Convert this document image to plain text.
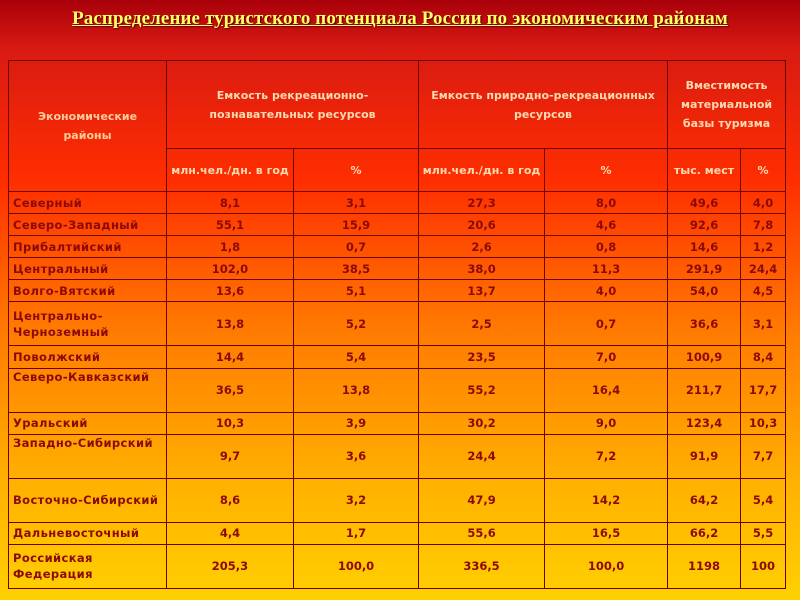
Распределение туристского потенциала России по экономическим районам
Экономические районы	Емкость рекреационно-познавательных ресурсов		Емкость природно-рекреационных ресурсов		Вместимость материальной базы туризма	
	млн.чел./дн. в год	%	млн.чел./дн. в год	%	тыс. мест	%
Северный	8,1	3,1	27,3	8,0	49,6	4,0
Северо-Западный	55,1	15,9	20,6	4,6	92,6	7,8
Прибалтийский	1,8	0,7	2,6	0,8	14,6	1,2
Центральный	102,0	38,5	38,0	11,3	291,9	24,4
Волго-Вятский	13,6	5,1	13,7	4,0	54,0	4,5
Центрально-Черноземный	13,8	5,2	2,5	0,7	36,6	3,1
Поволжский	14,4	5,4	23,5	7,0	100,9	8,4
Северо-Кавказский	36,5	13,8	55,2	16,4	211,7	17,7
Уральский	10,3	3,9	30,2	9,0	123,4	10,3
Западно-Сибирский	9,7	3,6	24,4	7,2	91,9	7,7
Восточно-Сибирский	8,6	3,2	47,9	14,2	64,2	5,4
Дальневосточный	4,4	1,7	55,6	16,5	66,2	5,5
Российская Федерация	205,3	100,0	336,5	100,0	1198	100
